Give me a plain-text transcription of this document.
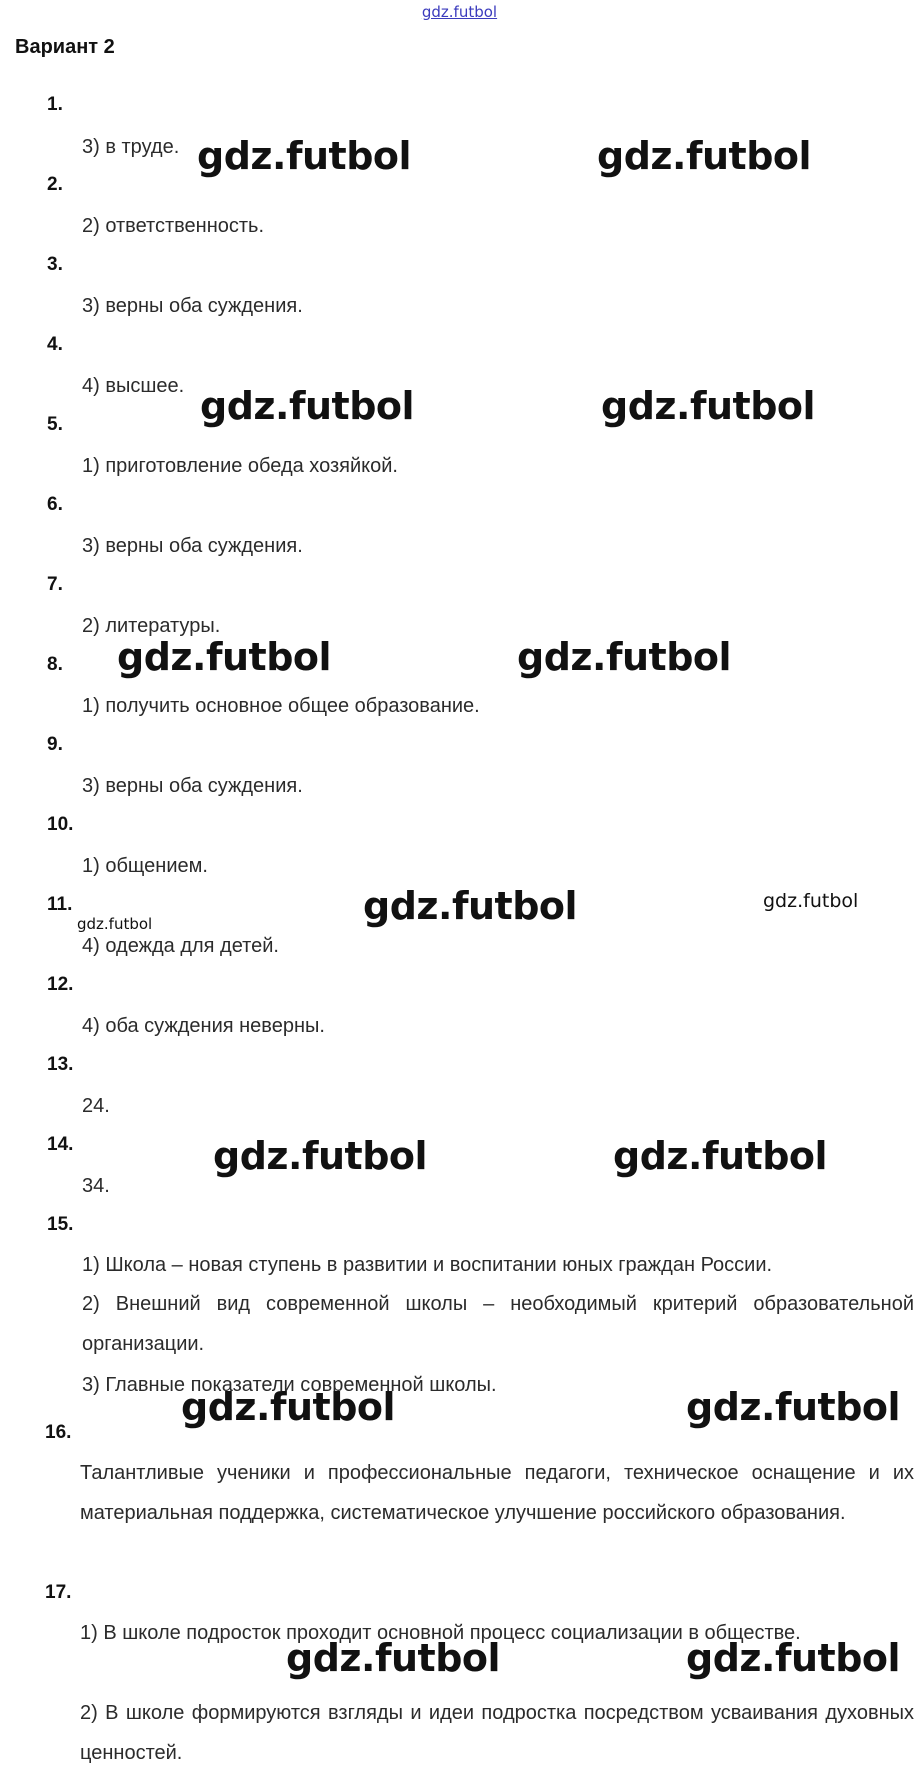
gdz.futbol
Вариант 2
1.
3) в труде.
2.
2) ответственность.
3.
3) верны оба суждения.
4.
4) высшее.
5.
1) приготовление обеда хозяйкой.
6.
3) верны оба суждения.
7.
2) литературы.
8.
1) получить основное общее образование.
9.
3) верны оба суждения.
10.
1) общением.
11.
4) одежда для детей.
12.
4) оба суждения неверны.
13.
24.
14.
34.
15.
1) Школа – новая ступень в развитии и воспитании юных граждан России.
2) Внешний вид современной школы – необходимый критерий образовательной организации.
3) Главные показатели современной школы.
16.
Талантливые ученики и профессиональные педагоги, техническое оснащение и их материальная поддержка, систематическое улучшение российского образования.
17.
1) В школе подросток проходит основной процесс социализации в обществе.
2) В школе формируются взгляды и идеи подростка посредством усваивания духовных ценностей.
gdz.futbol	gdz.futbol
gdz.futbol	gdz.futbol
gdz.futbol	gdz.futbol
gdz.futbol	gdz.futbol
gdz.futbol
gdz.futbol	gdz.futbol
gdz.futbol	gdz.futbol
gdz.futbol	gdz.futbol
